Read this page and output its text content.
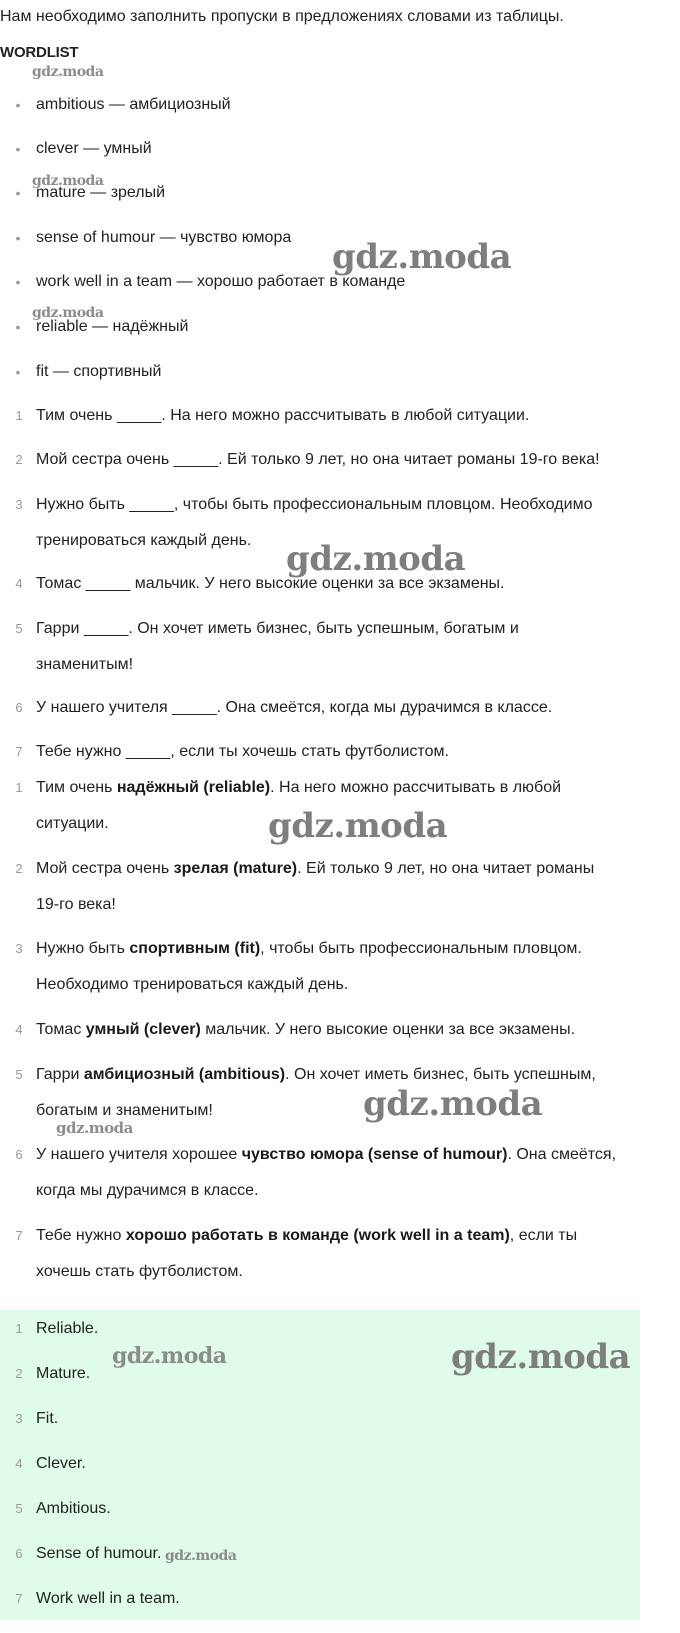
Нам необходимо заполнить пропуски в предложениях словами из таблицы.
WORDLIST
• ambitious — амбициозный
• clever — умный
• mature — зрелый
• sense of humour — чувство юмора
• work well in a team — хорошо работает в команде
• reliable — надёжный
• fit — спортивный
1 Тим очень _____. На него можно рассчитывать в любой ситуации.
2 Мой сестра очень _____. Ей только 9 лет, но она читает романы 19-го века!
3 Нужно быть _____, чтобы быть профессиональным пловцом. Необходимо
тренироваться каждый день.
4 Томас _____ мальчик. У него высокие оценки за все экзамены.
5 Гарри _____. Он хочет иметь бизнес, быть успешным, богатым и
знаменитым!
6 У нашего учителя _____. Она смеётся, когда мы дурачимся в классе.
7 Тебе нужно _____, если ты хочешь стать футболистом.
1 Тим очень надёжный (reliable). На него можно рассчитывать в любой
ситуации.
2 Мой сестра очень зрелая (mature). Ей только 9 лет, но она читает романы
19-го века!
3 Нужно быть спортивным (fit), чтобы быть профессиональным пловцом.
Необходимо тренироваться каждый день.
4 Томас умный (clever) мальчик. У него высокие оценки за все экзамены.
5 Гарри амбициозный (ambitious). Он хочет иметь бизнес, быть успешным,
богатым и знаменитым!
6 У нашего учителя хорошее чувство юмора (sense of humour). Она смеётся,
когда мы дурачимся в классе.
7 Тебе нужно хорошо работать в команде (work well in a team), если ты
хочешь стать футболистом.
1 Reliable.
2 Mature.
3 Fit.
4 Clever.
5 Ambitious.
6 Sense of humour.
7 Work well in a team.
gdz.moda
gdz.moda
gdz.moda
gdz.moda
gdz.moda
gdz.moda
gdz.moda
gdz.moda
gdz.moda	gdz.moda
gdz.moda
